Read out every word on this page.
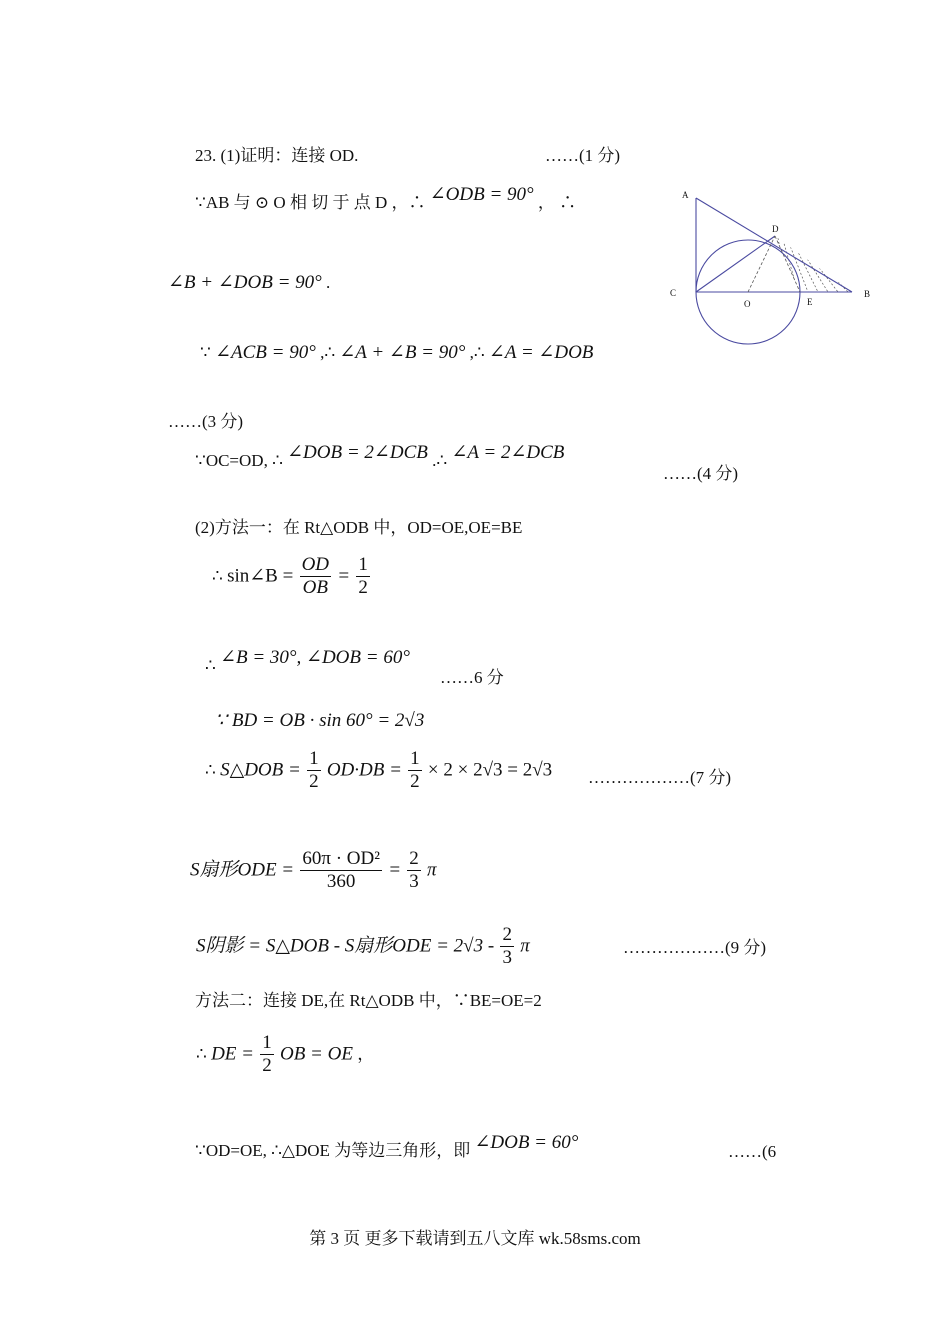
A
D
C
O	E
B
23. (1)证明：连接 OD.	……(1 分)
∵AB 与 ⊙ O 相 切 于 点 D ，∴ ∠ODB = 90° ， ∴
∠B + ∠DOB = 90° .
∵ ∠ACB = 90° ,∴ ∠A + ∠B = 90° ,∴ ∠A = ∠DOB
……(3 分)
∵OC=OD, ∴ ∠DOB = 2∠DCB .∴ ∠A = 2∠DCB
……(4 分)
(2)方法一：在 Rt△ODB 中，OD=OE,OE=BE
∴ sin∠B = $\frac{OD}{OB} = \frac{1}{2}$
∴ ∠B = 30°, ∠DOB = 60°
……6 分
∵ BD = OB · sin 60° = 2√3
∴ S△DOB = $\frac{1}{2} OD\cdot DB = \frac{1}{2} \times 2 \times 2√3 = 2√3$ ………………(7 分)
S扇形ODE = $\frac{\text{60π · OD²}}{360} = \frac{2}{3}$ π
S阴影 = S△DOB - S扇形ODE = $2√3 - \frac{2}{3}$ π	………………(9 分)
方法二：连接 DE,在 Rt△ODB 中，∵BE=OE=2
∴ DE = $\frac{1}{2}$ OB = OE ，
∵OD=OE, ∴△DOE 为等边三角形，即 ∠DOB = 60°	……(6
第 3 页 更多下载请到五八文库 wk.58sms.com
